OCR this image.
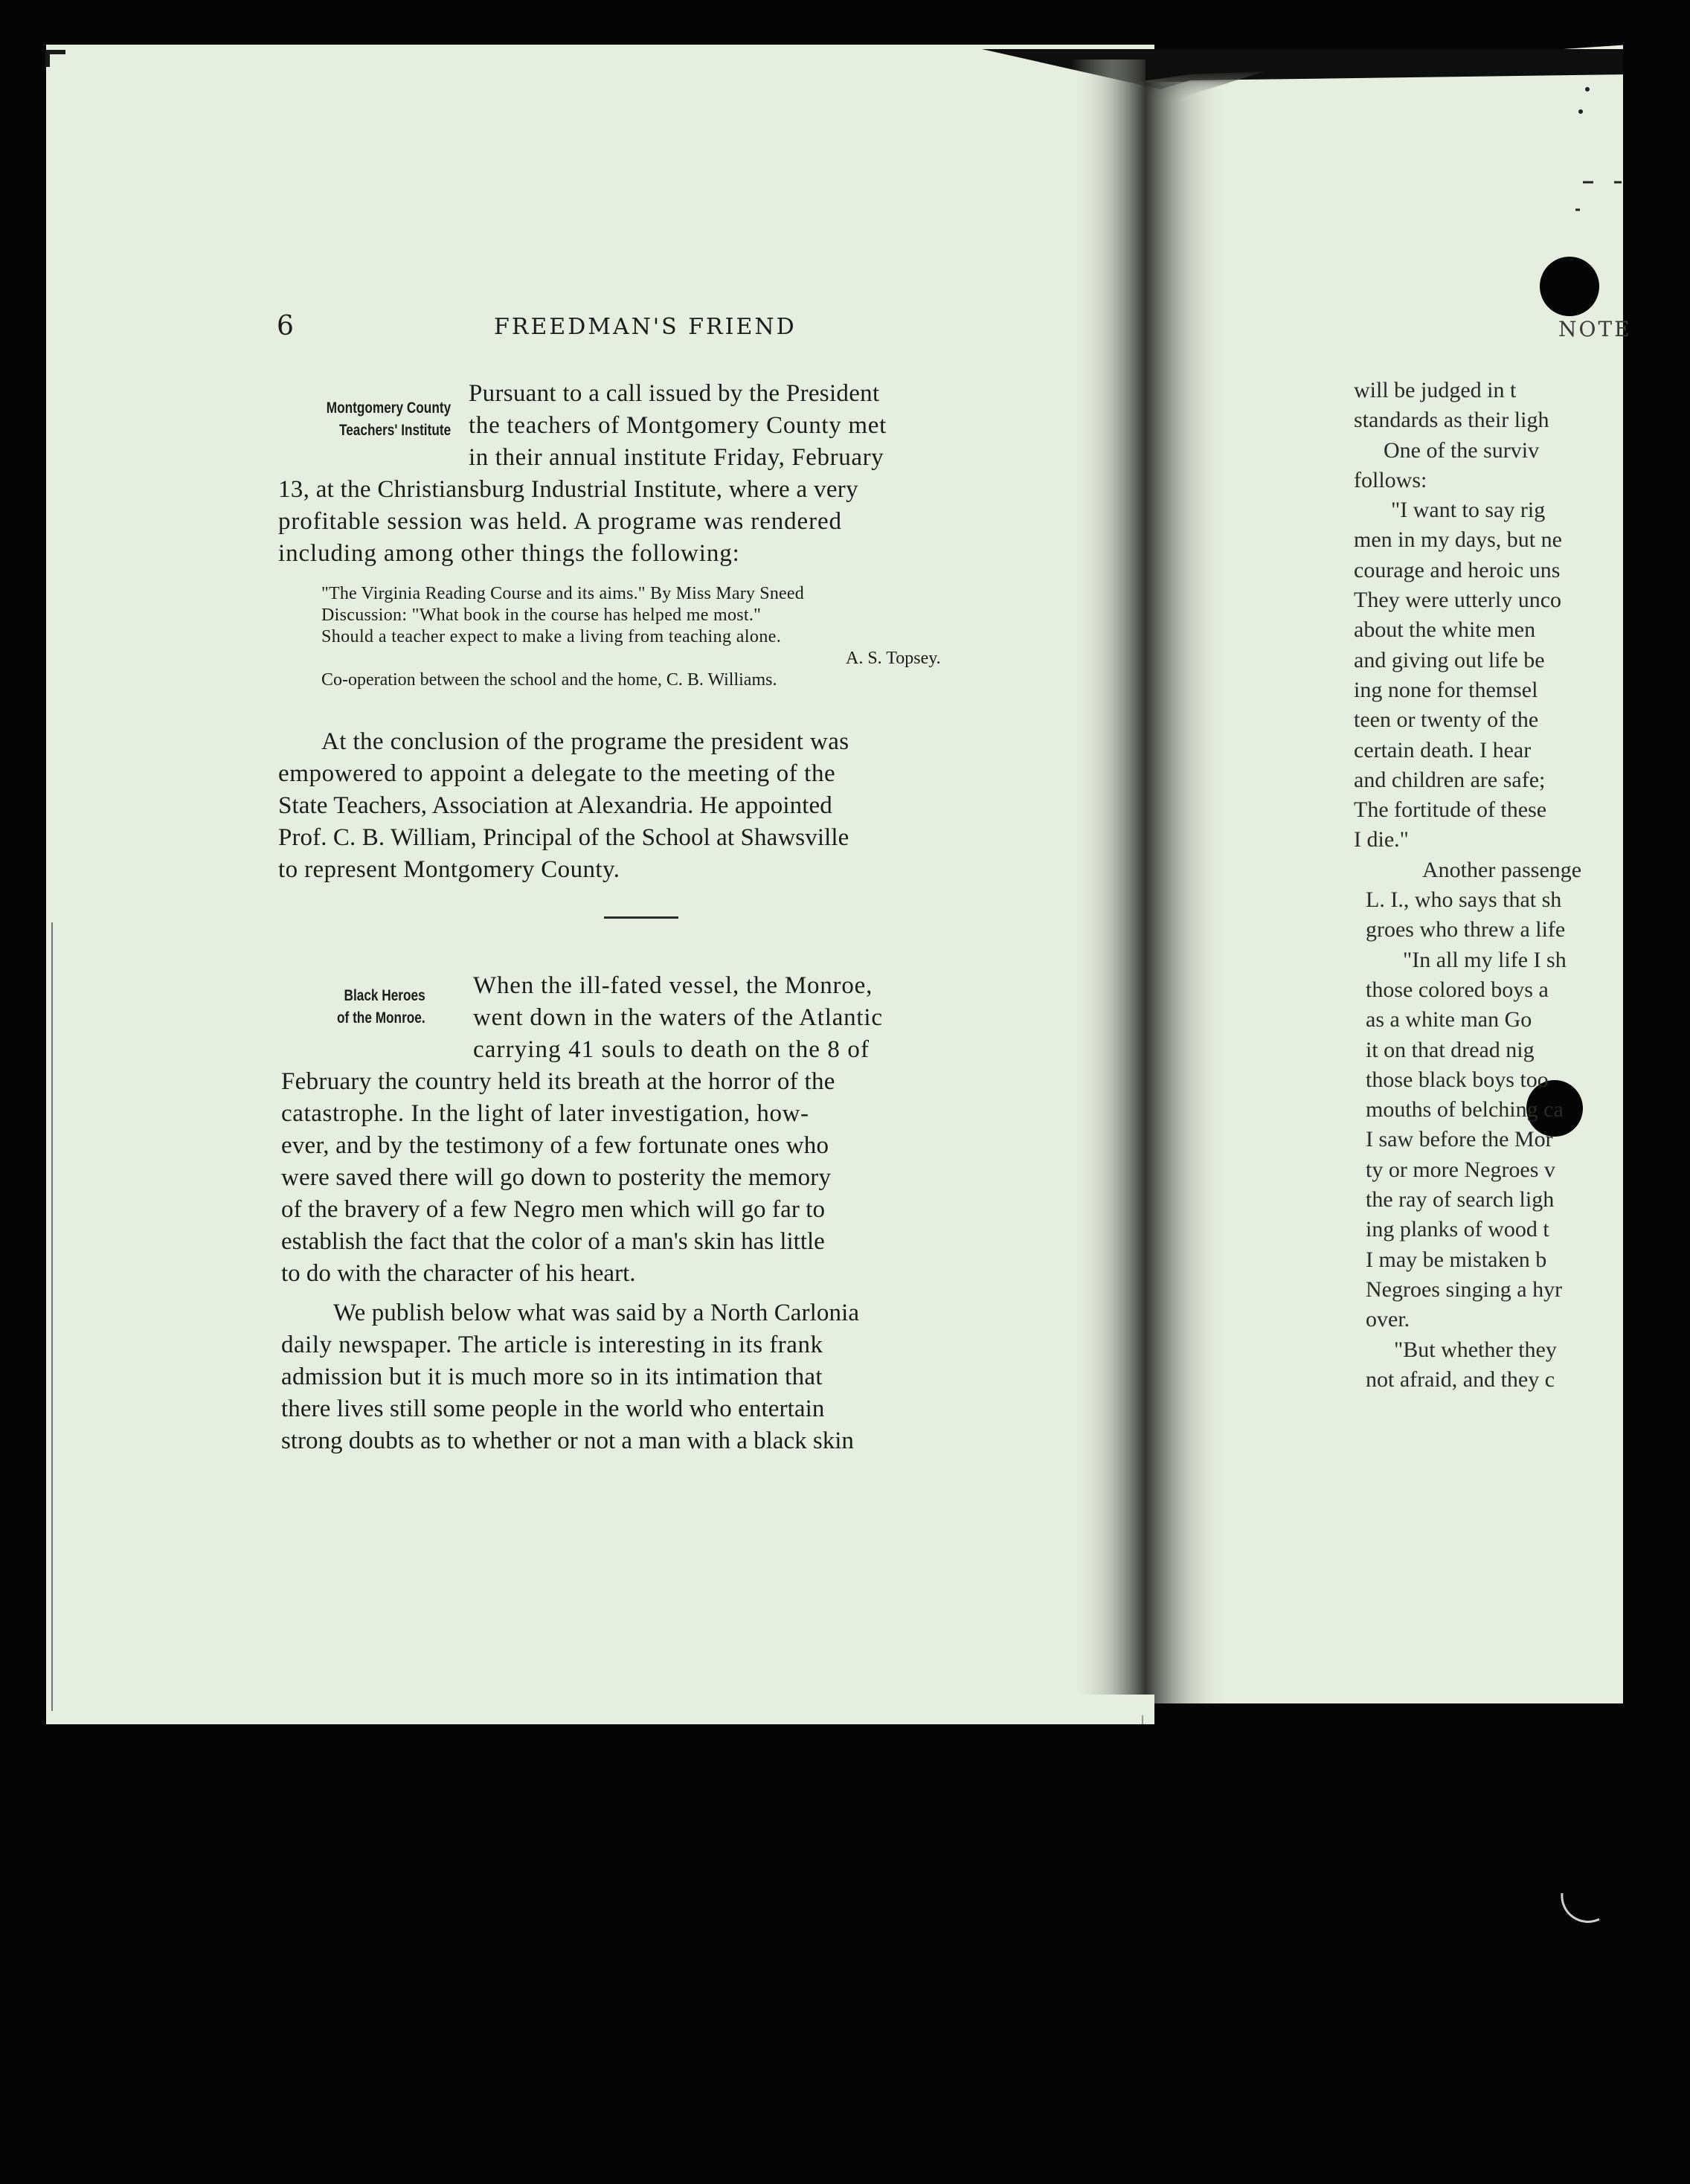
6	FREEDMAN'S FRIEND	NOTE
Montgomery County
Teachers' Institute
Pursuant to a call issued by the President
the teachers of Montgomery County met
in their annual institute Friday, February
13, at the Christiansburg Industrial Institute, where a very
profitable session was held. A programe was rendered
including among other things the following:
"The Virginia Reading Course and its aims." By Miss Mary Sneed
Discussion: "What book in the course has helped me most."
Should a teacher expect to make a living from teaching alone.
A. S. Topsey.
Co-operation between the school and the home, C. B. Williams.
At the conclusion of the programe the president was
empowered to appoint a delegate to the meeting of the
State Teachers, Association at Alexandria. He appointed
Prof. C. B. William, Principal of the School at Shawsville
to represent Montgomery County.
Black Heroes
of the Monroe.
When the ill-fated vessel, the Monroe,
went down in the waters of the Atlantic
carrying 41 souls to death on the 8 of
February the country held its breath at the horror of the
catastrophe. In the light of later investigation, how-
ever, and by the testimony of a few fortunate ones who
were saved there will go down to posterity the memory
of the bravery of a few Negro men which will go far to
establish the fact that the color of a man's skin has little
to do with the character of his heart.
We publish below what was said by a North Carlonia
daily newspaper. The article is interesting in its frank
admission but it is much more so in its intimation that
there lives still some people in the world who entertain
strong doubts as to whether or not a man with a black skin
will be judged in t
standards as their ligh
One of the surviv
follows:
"I want to say rig
men in my days, but ne
courage and heroic uns
They were utterly unco
about the white men
and giving out life be
ing none for themsel
teen or twenty of the
certain death. I hear
and children are safe;
The fortitude of these
I die."
Another passenge
L. I., who says that sh
groes who threw a life
"In all my life I sh
those colored boys a
as a white man Go
it on that dread nig
those black boys too
mouths of belching ca
I saw before the Mor
ty or more Negroes v
the ray of search ligh
ing planks of wood t
I may be mistaken b
Negroes singing a hyr
over.
"But whether they
not afraid, and they c
